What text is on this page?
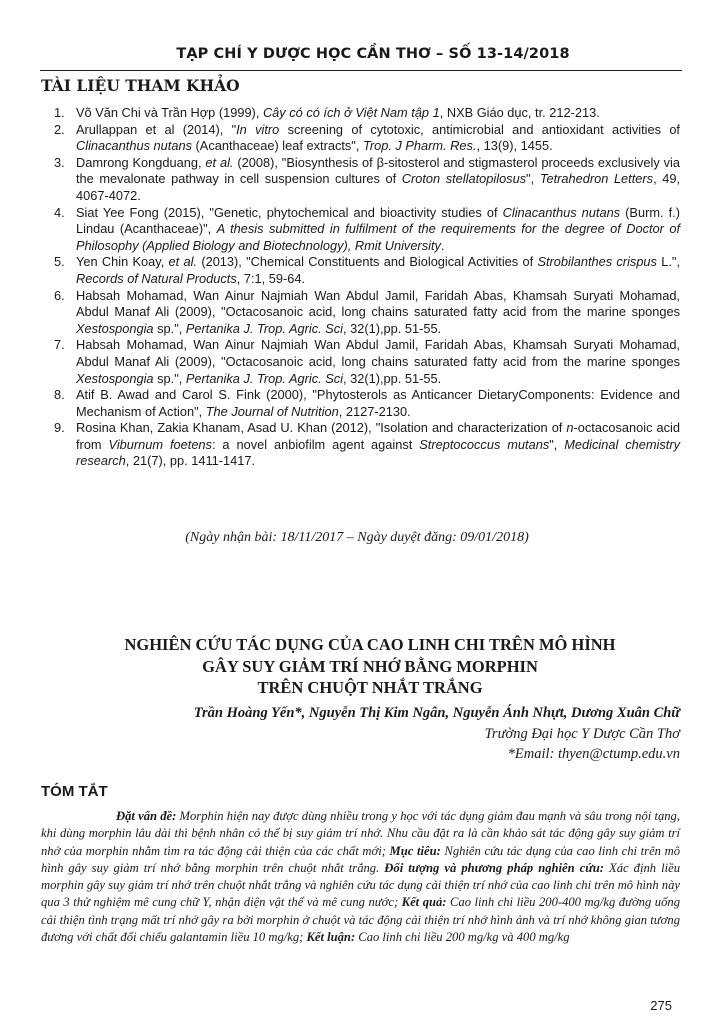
TẠP CHÍ Y DƯỢC HỌC CẦN THƠ – SỐ 13-14/2018
TÀI LIỆU THAM KHẢO
1. Võ Văn Chi và Trần Hợp (1999), Cây có có ích ở Việt Nam tập 1, NXB Giáo dục, tr. 212-213.
2. Arullappan et al (2014), "In vitro screening of cytotoxic, antimicrobial and antioxidant activities of Clinacanthus nutans (Acanthaceae) leaf extracts", Trop. J Pharm. Res., 13(9), 1455.
3. Damrong Kongduang, et al. (2008), "Biosynthesis of β-sitosterol and stigmasterol proceeds exclusively via the mevalonate pathway in cell suspension cultures of Croton stellatopilosus", Tetrahedron Letters, 49, 4067-4072.
4. Siat Yee Fong (2015), "Genetic, phytochemical and bioactivity studies of Clinacanthus nutans (Burm. f.) Lindau (Acanthaceae)", A thesis submitted in fulfilment of the requirements for the degree of Doctor of Philosophy (Applied Biology and Biotechnology), Rmit University.
5. Yen Chin Koay, et al. (2013), "Chemical Constituents and Biological Activities of Strobilanthes crispus L.", Records of Natural Products, 7:1, 59-64.
6. Habsah Mohamad, Wan Ainur Najmiah Wan Abdul Jamil, Faridah Abas, Khamsah Suryati Mohamad, Abdul Manaf Ali (2009), "Octacosanoic acid, long chains saturated fatty acid from the marine sponges Xestospongia sp.", Pertanika J. Trop. Agric. Sci, 32(1),pp. 51-55.
7. Habsah Mohamad, Wan Ainur Najmiah Wan Abdul Jamil, Faridah Abas, Khamsah Suryati Mohamad, Abdul Manaf Ali (2009), "Octacosanoic acid, long chains saturated fatty acid from the marine sponges Xestospongia sp.", Pertanika J. Trop. Agric. Sci, 32(1),pp. 51-55.
8. Atif B. Awad and Carol S. Fink (2000), "Phytosterols as Anticancer DietaryComponents: Evidence and Mechanism of Action", The Journal of Nutrition, 2127-2130.
9. Rosina Khan, Zakia Khanam, Asad U. Khan (2012), "Isolation and characterization of n-octacosanoic acid from Viburnum foetens: a novel anbiofilm agent against Streptococcus mutans", Medicinal chemistry research, 21(7), pp. 1411-1417.
(Ngày nhận bài: 18/11/2017 – Ngày duyệt đăng: 09/01/2018)
NGHIÊN CỨU TÁC DỤNG CỦA CAO LINH CHI TRÊN MÔ HÌNH
GÂY SUY GIẢM TRÍ NHỚ BẰNG MORPHIN
TRÊN CHUỘT NHẮT TRẮNG
Trần Hoàng Yến*, Nguyễn Thị Kim Ngân, Nguyễn Ánh Nhựt, Dương Xuân Chữ
Trường Đại học Y Dược Cần Thơ
*Email: thyen@ctump.edu.vn
TÓM TẮT

Đặt vấn đề: Morphin hiện nay được dùng nhiều trong y học với tác dụng giảm đau mạnh và sâu trong nội tạng, khi dùng morphin lâu dài thì bệnh nhân có thể bị suy giảm trí nhớ. Nhu cầu đặt ra là cần khảo sát tác động gây suy giảm trí nhớ của morphin nhằm tìm ra tác động cải thiện của các chất mới; Mục tiêu: Nghiên cứu tác dụng của cao linh chi trên mô hình gây suy giảm trí nhớ bằng morphin trên chuột nhắt trắng. Đối tượng và phương pháp nghiên cứu: Xác định liều morphin gây suy giảm trí nhớ trên chuột nhắt trắng và nghiên cứu tác dụng cải thiện trí nhớ của cao linh chi trên mô hình này qua 3 thử nghiệm mê cung chữ Y, nhận diện vật thể và mê cung nước; Kết quả: Cao linh chi liều 200-400 mg/kg đường uống cải thiện tình trạng mất trí nhớ gây ra bởi morphin ở chuột và tác động cải thiện trí nhớ hình ảnh và trí nhớ không gian tương đương với chất đối chiếu galantamin liều 10 mg/kg; Kết luận: Cao linh chi liều 200 mg/kg và 400 mg/kg

275
